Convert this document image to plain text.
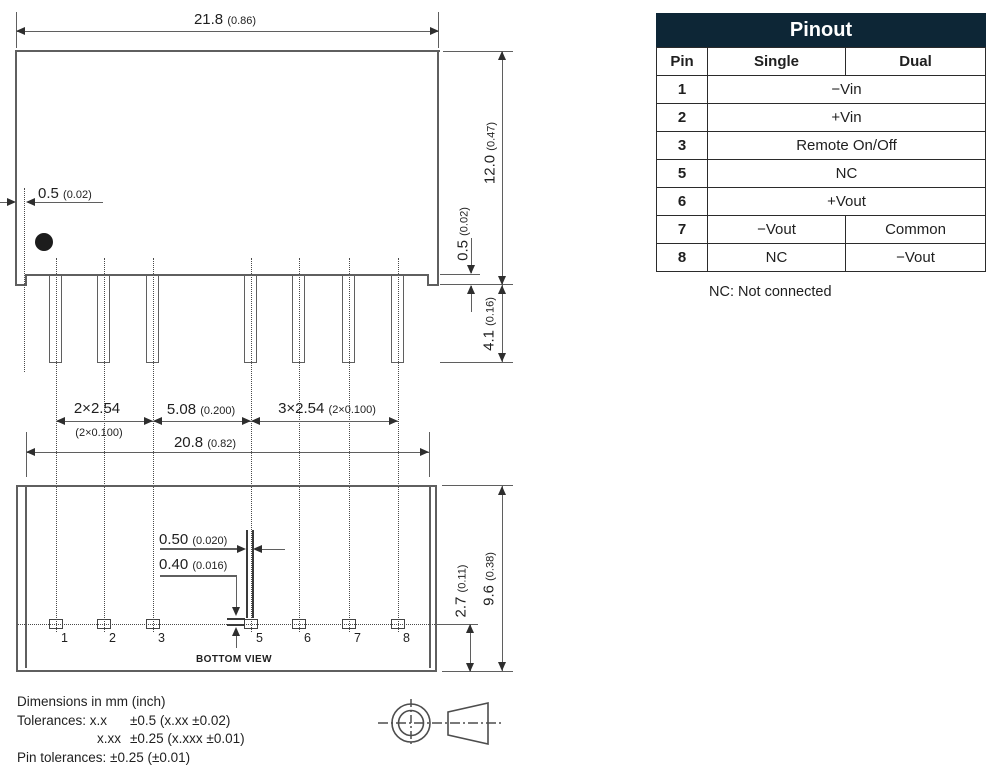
21.8 (0.86)
0.5 (0.02)
12.0 (0.47)
0.5 (0.02)
4.1 (0.16)
2×2.54
(2×0.100)
5.08 (0.200)	3×2.54 (2×0.100)
20.8 (0.82)
1	2	3	5	6	7	8
0.50 (0.020)
0.40 (0.016)
BOTTOM VIEW
2.7 (0.11)
9.6 (0.38)
Dimensions in mm (inch)
Tolerances: x.x ±0.5 (x.xx ±0.02)
x.xx ±0.25 (x.xxx ±0.01)
Pin tolerances: ±0.25 (±0.01)
Pinout		
Pin	Single	Dual
1	−Vin	
2	+Vin	
3	Remote On/Off	
5	NC	
6	+Vout	
7	−Vout	Common
8	NC	−Vout
NC: Not connected
